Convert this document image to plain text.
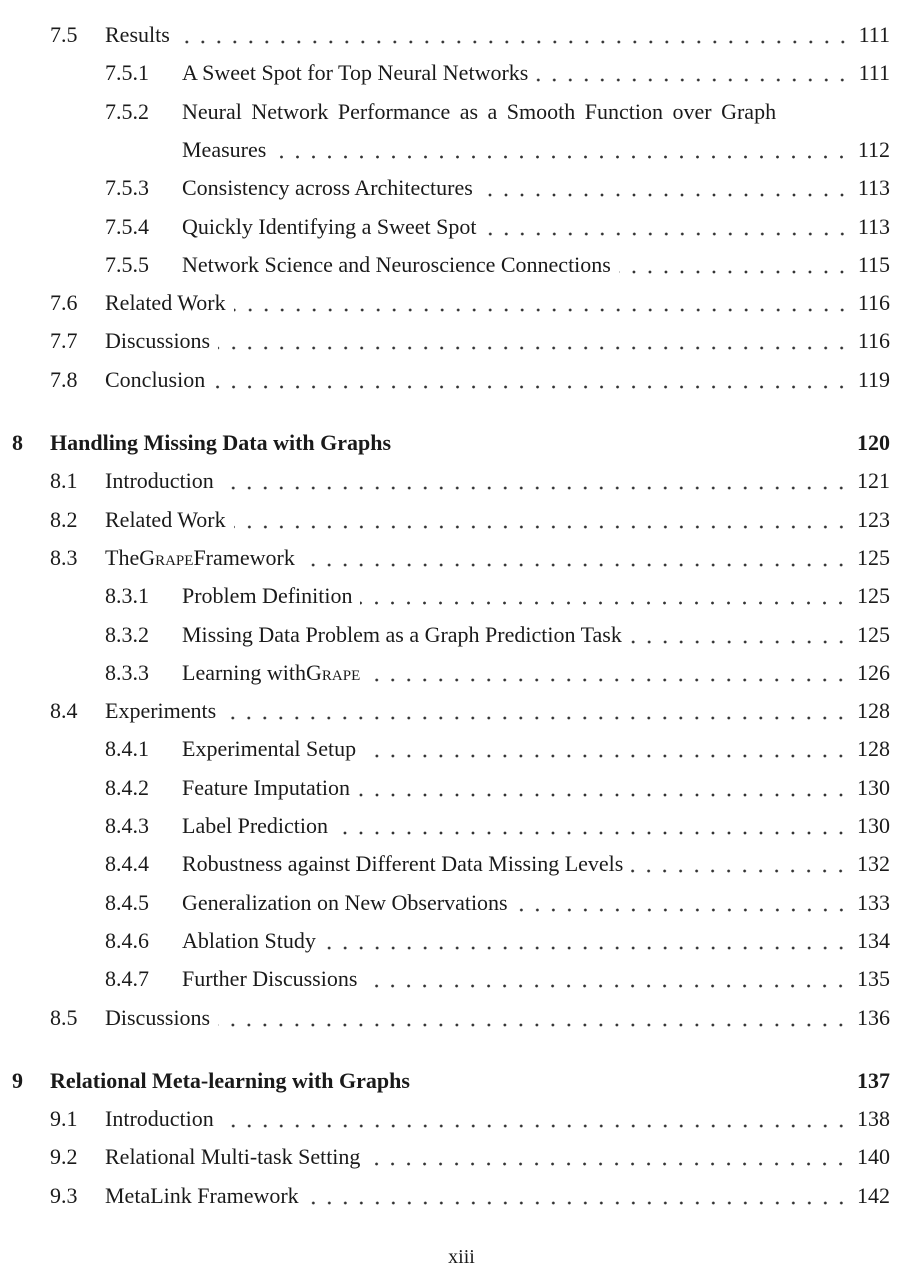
7.5 Results	111
7.5.1 A Sweet Spot for Top Neural Networks	111
7.5.2 Neural Network Performance as a Smooth Function over Graph
Measures	112
7.5.3 Consistency across Architectures	113
7.5.4 Quickly Identifying a Sweet Spot	113
7.5.5 Network Science and Neuroscience Connections	115
7.6 Related Work	116
7.7 Discussions	116
7.8 Conclusion	119
8 Handling Missing Data with Graphs	120
8.1 Introduction	121
8.2 Related Work	123
8.3 The Grape Framework	125
8.3.1 Problem Definition	125
8.3.2 Missing Data Problem as a Graph Prediction Task	125
8.3.3 Learning with Grape	126
8.4 Experiments	128
8.4.1 Experimental Setup	128
8.4.2 Feature Imputation	130
8.4.3 Label Prediction	130
8.4.4 Robustness against Different Data Missing Levels	132
8.4.5 Generalization on New Observations	133
8.4.6 Ablation Study	134
8.4.7 Further Discussions	135
8.5 Discussions	136
9 Relational Meta-learning with Graphs	137
9.1 Introduction	138
9.2 Relational Multi-task Setting	140
9.3 MetaLink Framework	142
xiii
